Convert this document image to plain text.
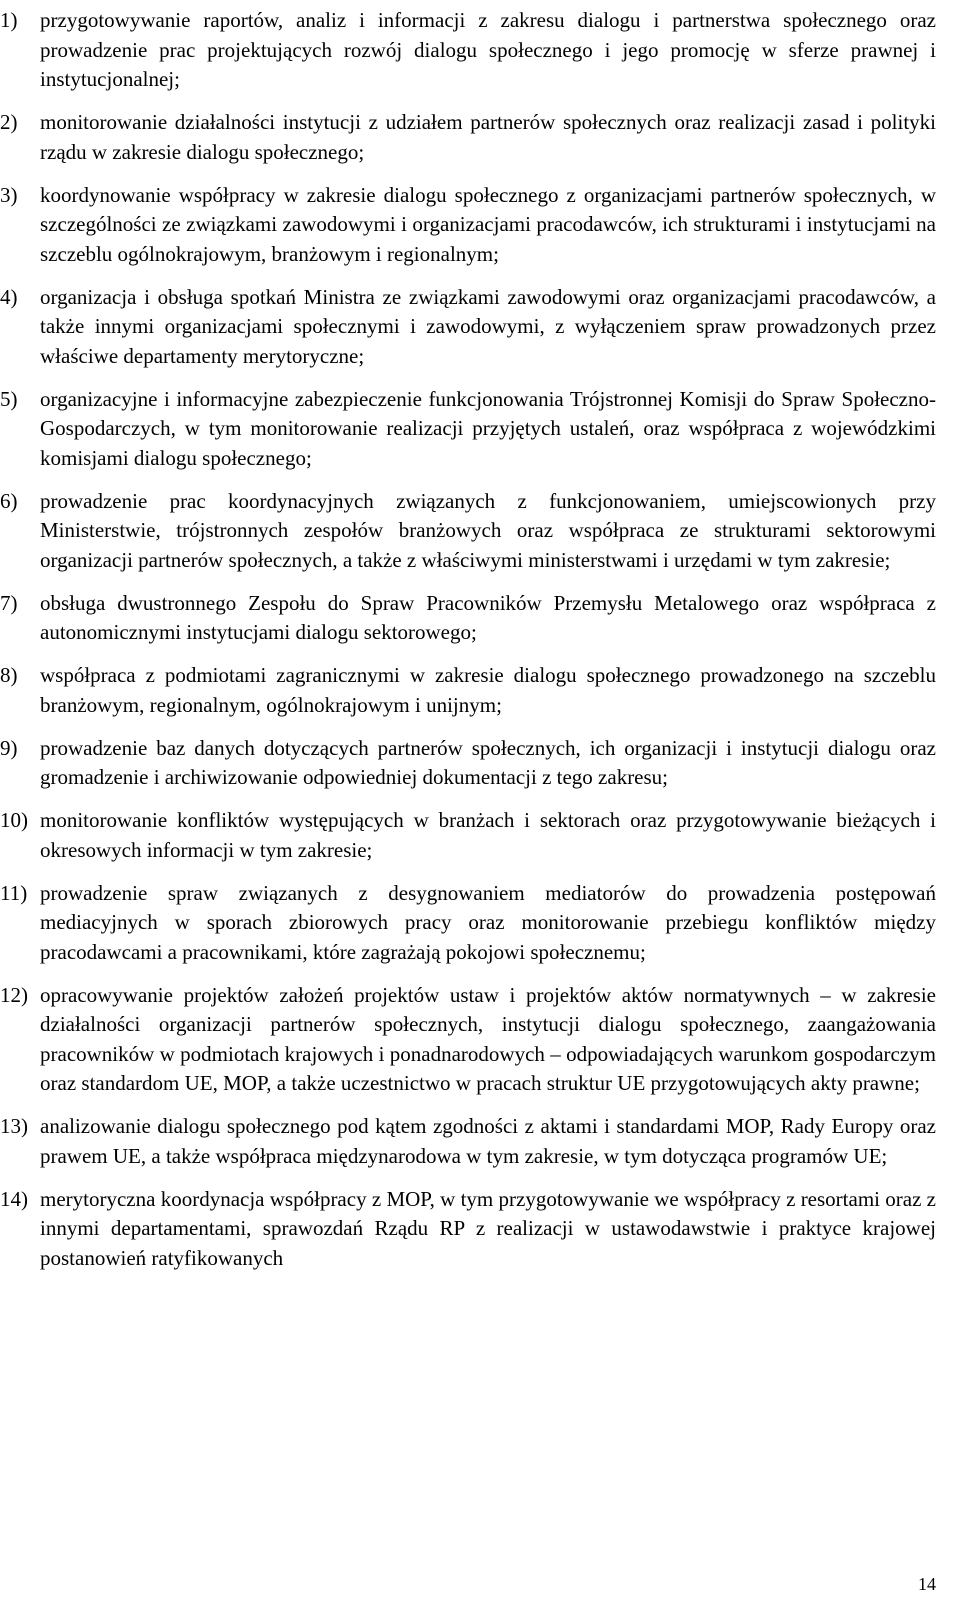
1)	przygotowywanie raportów, analiz i informacji z zakresu dialogu i partnerstwa społecznego oraz prowadzenie prac projektujących rozwój dialogu społecznego i jego promocję w sferze prawnej i instytucjonalnej;
2)	monitorowanie działalności instytucji z udziałem partnerów społecznych oraz realizacji zasad i polityki rządu w zakresie dialogu społecznego;
3)	koordynowanie współpracy w zakresie dialogu społecznego z organizacjami partnerów społecznych, w szczególności ze związkami zawodowymi i organizacjami pracodawców, ich strukturami i instytucjami na szczeblu ogólnokrajowym, branżowym i regionalnym;
4)	organizacja i obsługa spotkań Ministra ze związkami zawodowymi oraz organizacjami pracodawców, a także innymi organizacjami społecznymi i zawodowymi, z wyłączeniem spraw prowadzonych przez właściwe departamenty merytoryczne;
5)	organizacyjne i informacyjne zabezpieczenie funkcjonowania Trójstronnej Komisji do Spraw Społeczno-Gospodarczych, w tym monitorowanie realizacji przyjętych ustaleń, oraz współpraca z wojewódzkimi komisjami dialogu społecznego;
6)	prowadzenie prac koordynacyjnych związanych z funkcjonowaniem, umiejscowionych przy Ministerstwie, trójstronnych zespołów branżowych oraz współpraca ze strukturami sektorowymi organizacji partnerów społecznych, a także z właściwymi ministerstwami i urzędami w tym zakresie;
7)	obsługa dwustronnego Zespołu do Spraw Pracowników Przemysłu Metalowego oraz współpraca z autonomicznymi instytucjami dialogu sektorowego;
8)	współpraca z podmiotami zagranicznymi w zakresie dialogu społecznego prowadzonego na szczeblu branżowym, regionalnym, ogólnokrajowym i unijnym;
9)	prowadzenie baz danych dotyczących partnerów społecznych, ich organizacji i instytucji dialogu oraz gromadzenie i archiwizowanie odpowiedniej dokumentacji z tego zakresu;
10) monitorowanie konfliktów występujących w branżach i sektorach oraz przygotowywanie bieżących i okresowych informacji w tym zakresie;
11) prowadzenie spraw związanych z desygnowaniem mediatorów do prowadzenia postępowań mediacyjnych w sporach zbiorowych pracy oraz monitorowanie przebiegu konfliktów między pracodawcami a pracownikami, które zagrażają pokojowi społecznemu;
12) opracowywanie projektów założeń projektów ustaw i projektów aktów normatywnych – w zakresie działalności organizacji partnerów społecznych, instytucji dialogu społecznego, zaangażowania pracowników w podmiotach krajowych i ponadnarodowych – odpowiadających warunkom gospodarczym oraz standardom UE, MOP, a także uczestnictwo w pracach struktur UE przygotowujących akty prawne;
13) analizowanie dialogu społecznego pod kątem zgodności z aktami i standardami MOP, Rady Europy oraz prawem UE, a także współpraca międzynarodowa w tym zakresie, w tym dotycząca programów UE;
14) merytoryczna koordynacja współpracy z MOP, w tym przygotowywanie we współpracy z resortami oraz z innymi departamentami, sprawozdań Rządu RP z realizacji w ustawodawstwie i praktyce krajowej postanowień ratyfikowanych
14
